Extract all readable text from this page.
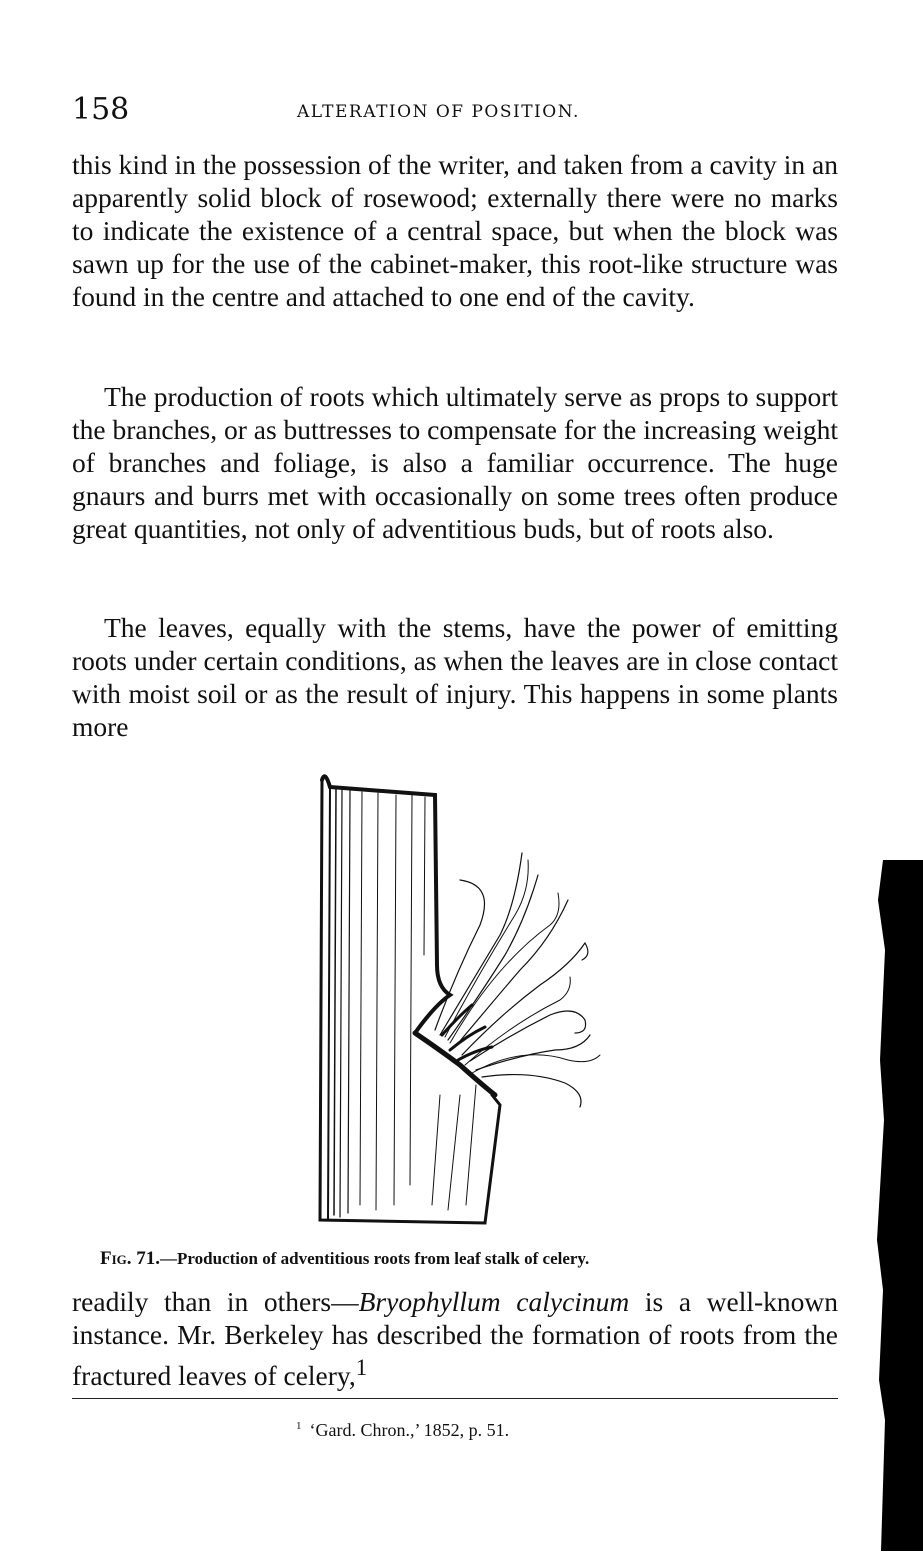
158	ALTERATION OF POSITION.

this kind in the possession of the writer, and taken from a cavity in an apparently solid block of rosewood; externally there were no marks to indicate the existence of a central space, but when the block was sawn up for the use of the cabinet-maker, this root-like structure was found in the centre and attached to one end of the cavity.

The production of roots which ultimately serve as props to support the branches, or as buttresses to compensate for the increasing weight of branches and foliage, is also a familiar occurrence. The huge gnaurs and burrs met with occasionally on some trees often produce great quantities, not only of adventitious buds, but of roots also.

The leaves, equally with the stems, have the power of emitting roots under certain conditions, as when the leaves are in close contact with moist soil or as the result of injury. This happens in some plants more

Fig. 71.—Production of adventitious roots from leaf stalk of celery.

readily than in others—Bryophyllum calycinum is a well-known instance. Mr. Berkeley has described the formation of roots from the fractured leaves of celery,$^1$

$^1$ ‘Gard. Chron.,’ 1852, p. 51.
